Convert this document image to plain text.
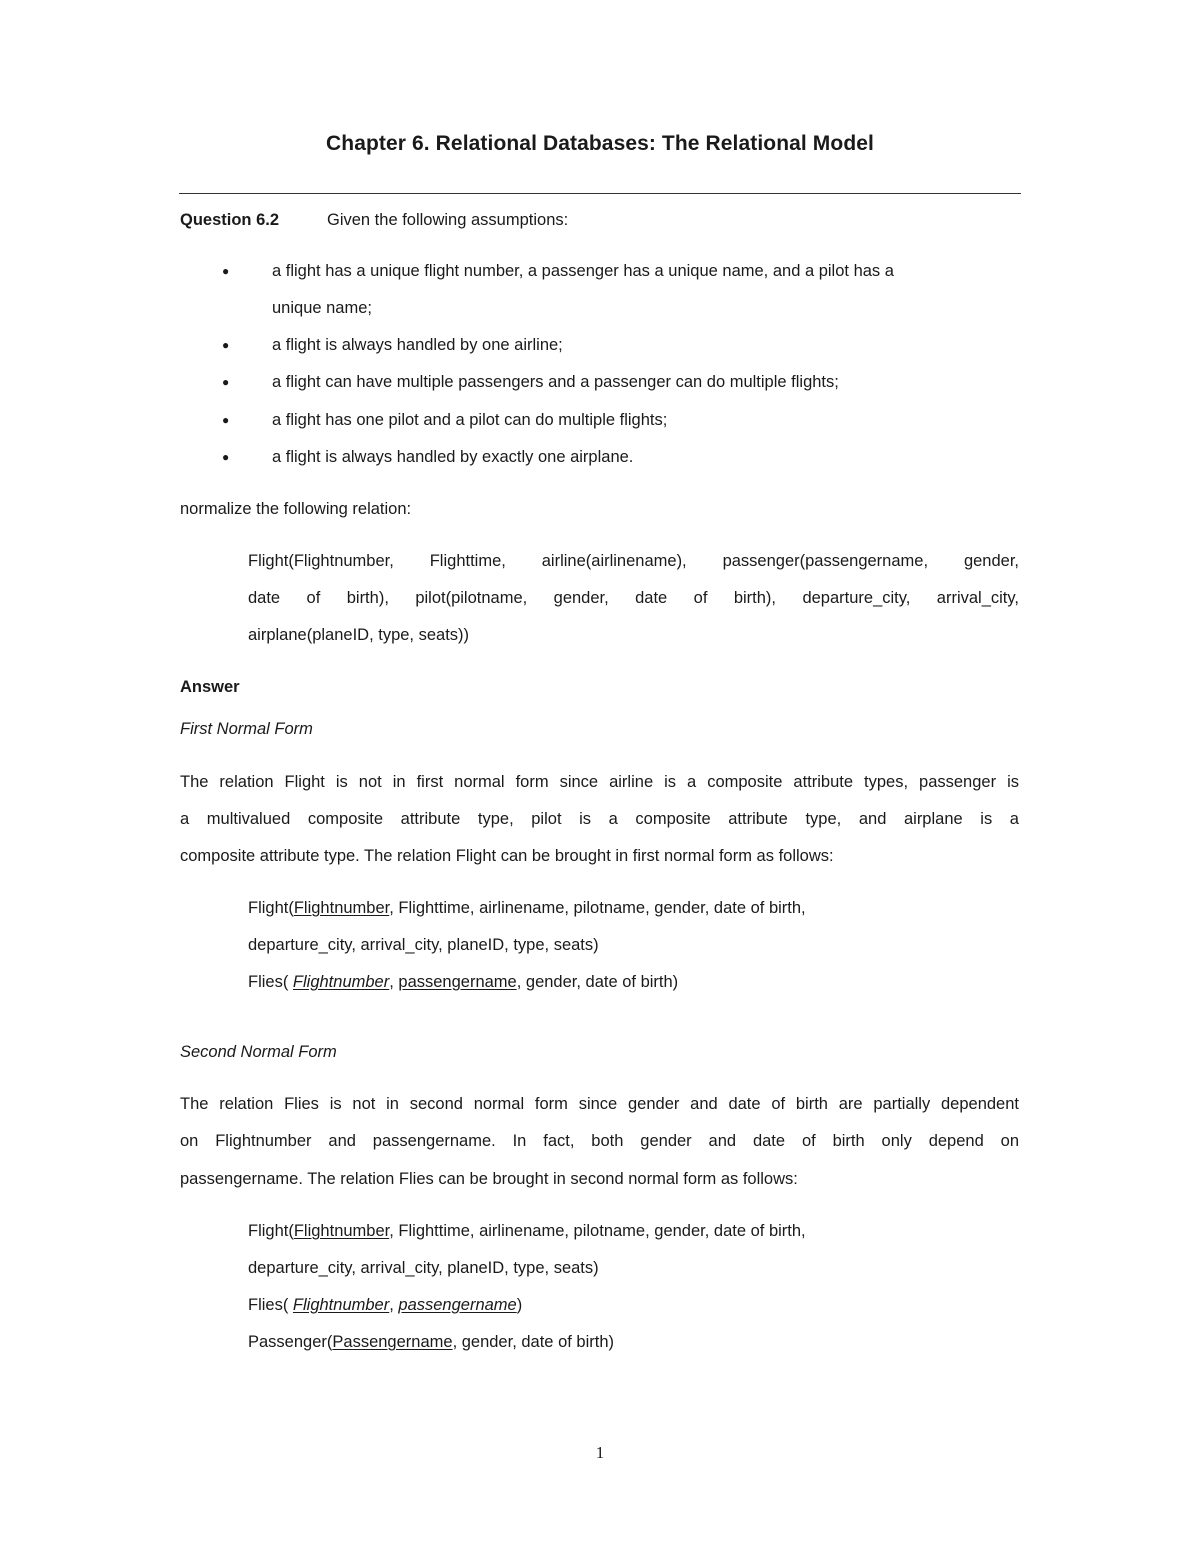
Chapter 6. Relational Databases: The Relational Model
Question 6.2	Given the following assumptions:
●	a flight has a unique flight number, a passenger has a unique name, and a pilot has a
unique name;
●	a flight is always handled by one airline;
●	a flight can have multiple passengers and a passenger can do multiple flights;
●	a flight has one pilot and a pilot can do multiple flights;
●	a flight is always handled by exactly one airplane.
normalize the following relation:
Flight(Flightnumber, Flighttime, airline(airlinename), passenger(passengername, gender,
date of birth), pilot(pilotname, gender, date of birth), departure_city, arrival_city,
airplane(planeID, type, seats))
Answer
First Normal Form
The relation Flight is not in first normal form since airline is a composite attribute types, passenger is
a multivalued composite attribute type, pilot is a composite attribute type, and airplane is a
composite attribute type. The relation Flight can be brought in first normal form as follows:
Flight(Flightnumber, Flighttime, airlinename, pilotname, gender, date of birth,
departure_city, arrival_city, planeID, type, seats)
Flies( Flightnumber, passengername, gender, date of birth)
Second Normal Form
The relation Flies is not in second normal form since gender and date of birth are partially dependent
on Flightnumber and passengername. In fact, both gender and date of birth only depend on
passengername. The relation Flies can be brought in second normal form as follows:
Flight(Flightnumber, Flighttime, airlinename, pilotname, gender, date of birth,
departure_city, arrival_city, planeID, type, seats)
Flies( Flightnumber, passengername)
Passenger(Passengername, gender, date of birth)
1
